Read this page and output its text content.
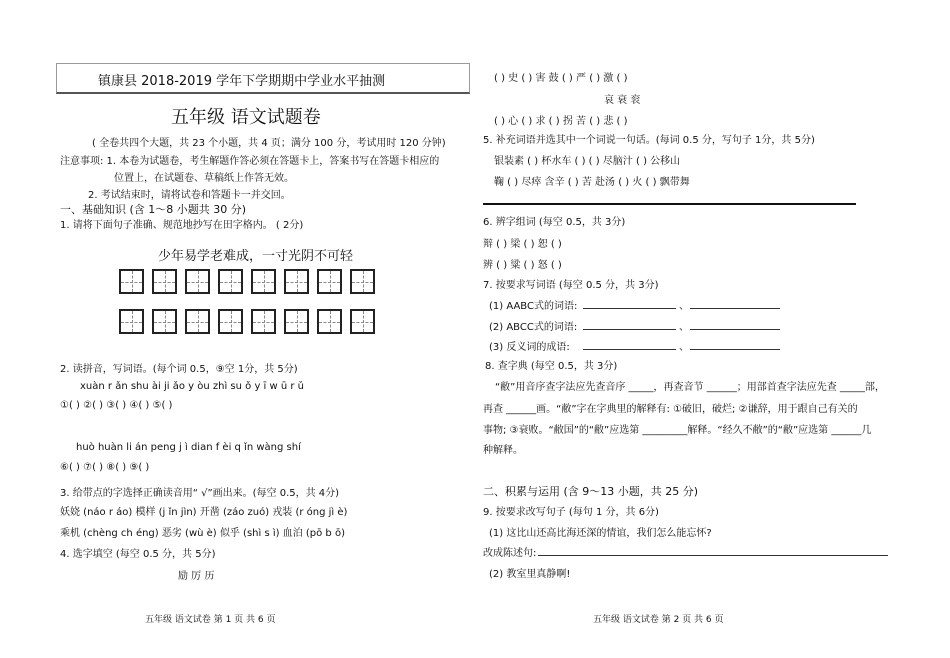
镇康县 2018-2019 学年下学期期中学业水平抽测
五年级 语文试题卷
( 全卷共四个大题，共 23 个小题，共 4 页；满分 100 分，考试用时 120 分钟)
注意事项: 1. 本卷为试题卷，考生解题作答必须在答题卡上，答案书写在答题卡相应的
位置上，在试题卷、草稿纸上作答无效。
2. 考试结束时，请将试卷和答题卡一并交回。
一、基础知识 (含 1～8 小题共 30 分)
1. 请将下面句子准确、规范地抄写在田字格内。 ( 2分)
少年易学老难成，一寸光阴不可轻
2. 读拼音，写词语。(每个词 0.5，⑨空 1分，共 5分)
xuàn r ǎn shu ài ji ǎo y òu zhì su ǒ y ī w ū r ǔ
①( ) ②( ) ③( ) ④( ) ⑤( )
huò huàn li án peng j ì dian f èi q ǐn wàng shí
⑥( ) ⑦( ) ⑧( ) ⑨( )
3. 给带点的字选择正确读音用“ √”画出来。(每空 0.5，共 4分)
妖娆 (náo r áo) 模样 (j ǐn jìn) 开凿 (záo zuó) 戎装 (r óng jì è)
乘机 (chèng ch éng) 恶劣 (wù è) 似乎 (shì s ì) 血泊 (pō b ō)
4. 选字填空 (每空 0.5 分，共 5分)
励 厉 历
五年级 语文试卷 第 1 页 共 6 页
( ) 史 ( ) 害 鼓 ( ) 严 ( ) 激 ( )
哀 衰 衮
( ) 心 ( ) 求 ( ) 拐 苦 ( ) 悲 ( )
5. 补充词语并选其中一个词说一句话。(每词 0.5 分，写句子 1分，共 5分)
银装素 ( ) 杯水车 ( ) ( ) 尽脑汁 ( ) 公移山
鞠 ( ) 尽瘁 含辛 ( ) 苦 赴汤 ( ) 火 ( ) 飘带舞
6. 辨字组词 (每空 0.5，共 3分)
辩 ( ) 梁 ( ) 恕 ( )
辨 ( ) 粱 ( ) 怒 ( )
7. 按要求写词语 (每空 0.5 分，共 3分)
(1) AABC式的词语:	、
(2) ABCC式的词语:	、
(3) 反义词的成语:	、
8. 查字典 (每空 0.5，共 3分)
“敝”用音序查字法应先查音序 _____，再查音节 ______；用部首查字法应先查 _____部，
再查 ______画。“敝”字在字典里的解释有: ①破旧，破烂; ②谦辞，用于跟自己有关的
事物; ③衰败。“敝国”的“敝”应选第 _________解释。“经久不敝”的“敝”应选第 ______几
种解释。
二、积累与运用 (含 9～13 小题，共 25 分)
9. 按要求改写句子 (每句 1 分，共 6分)
(1) 这比山还高比海还深的情谊，我们怎么能忘怀?
改成陈述句:
(2) 教室里真静啊!
五年级 语文试卷 第 2 页 共 6 页
